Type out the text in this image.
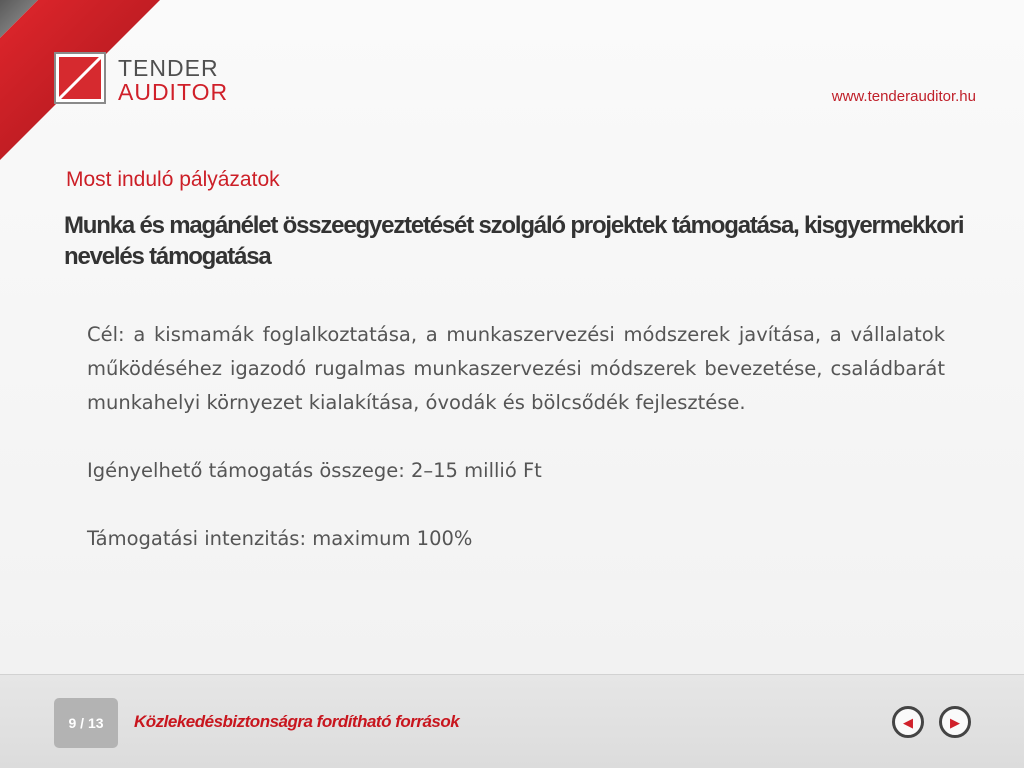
TENDER
AUDITOR	www.tenderauditor.hu
Most induló pályázatok
Munka és magánélet összeegyeztetését szolgáló projektek támogatása, kisgyermekkori nevelés támogatása

Cél: a kismamák foglalkoztatása, a munkaszervezési módszerek javítása, a vállalatok működéséhez igazodó rugalmas munkaszervezési módszerek bevezetése, családbarát munkahelyi környezet kialakítása, óvodák és bölcsődék fejlesztése.

Igényelhető támogatás összege: 2–15 millió Ft

Támogatási intenzitás: maximum 100%

9 / 13	Közlekedésbiztonságra fordítható források	◀	▶
